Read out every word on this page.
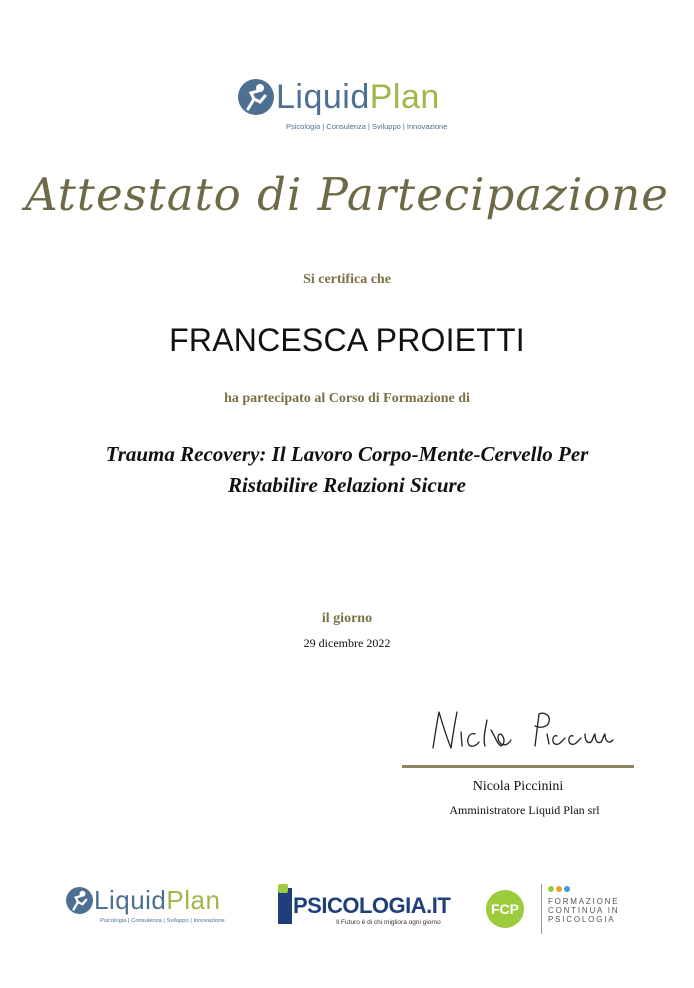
LiquidPlan
Psicologia | Consulenza | Sviluppo | Innovazione
Attestato di Partecipazione
Si certifica che
FRANCESCA PROIETTI
ha partecipato al Corso di Formazione di
Trauma Recovery: Il Lavoro Corpo-Mente-Cervello Per
Ristabilire Relazioni Sicure
il giorno
29 dicembre 2022
Nicola Piccinini
Amministratore Liquid Plan srl
LiquidPlan
Psicologia | Consulenza | Sviluppo | Innovazione
PSICOLOGIA.IT
Il Futuro è di chi migliora ogni giorno
FCP	FORMAZIONE
CONTINUA IN
PSICOLOGIA
